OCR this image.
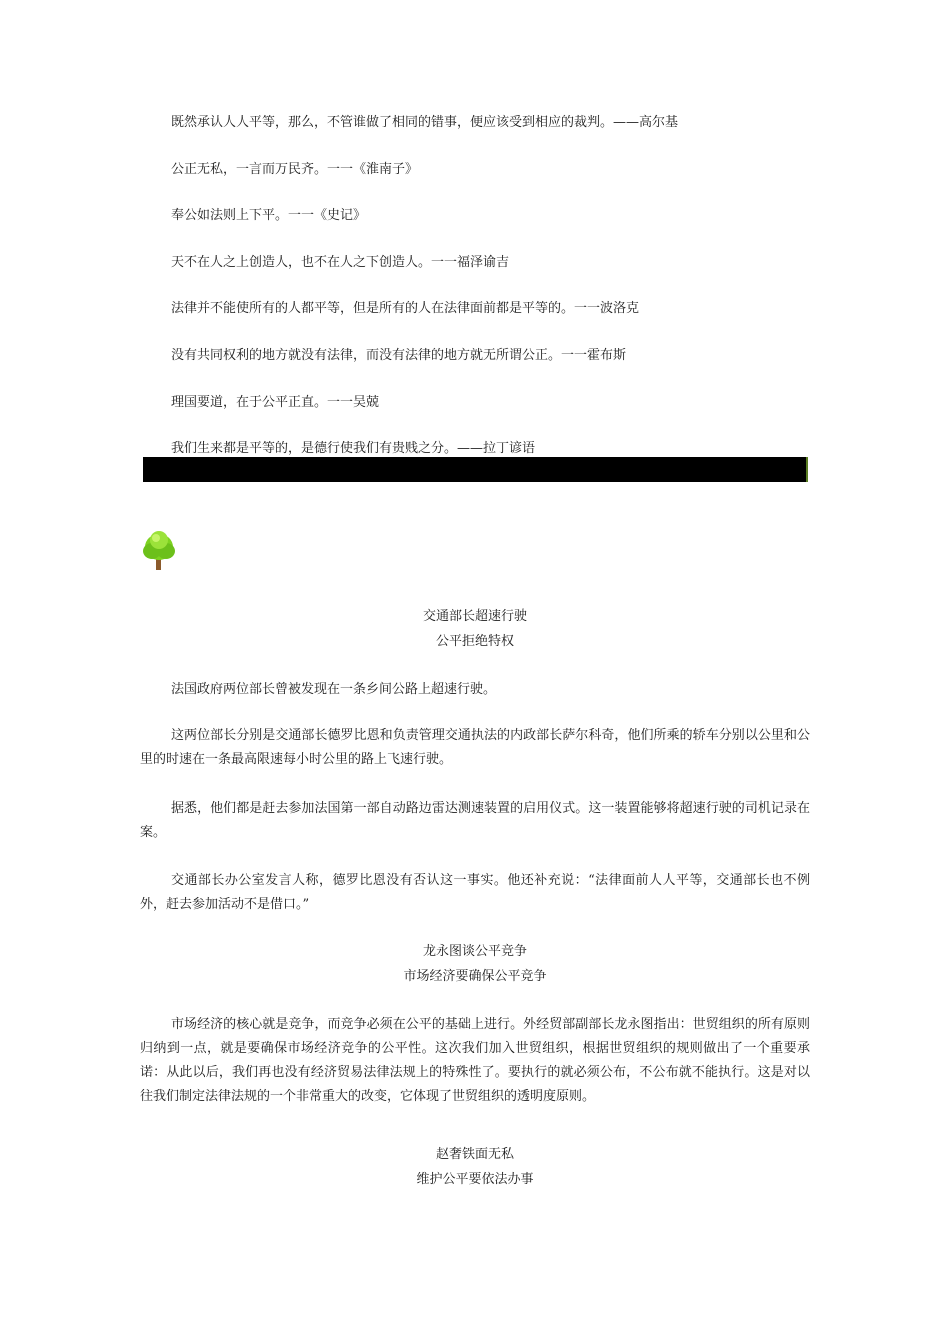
既然承认人人平等，那么，不管谁做了相同的错事，便应该受到相应的裁判。——高尔基
公正无私，一言而万民齐。一一《淮南子》
奉公如法则上下平。一一《史记》
天不在人之上创造人，也不在人之下创造人。一一福泽谕吉
法律并不能使所有的人都平等，但是所有的人在法律面前都是平等的。一一波洛克
没有共同权利的地方就没有法律，而没有法律的地方就无所谓公正。一一霍布斯
理国要道，在于公平正直。一一吴兢
我们生来都是平等的，是德行使我们有贵贱之分。——拉丁谚语
交通部长超速行驶
公平拒绝特权
法国政府两位部长曾被发现在一条乡间公路上超速行驶。
这两位部长分别是交通部长德罗比恩和负责管理交通执法的内政部长萨尔科奇，他们所乘的轿车分别以公里和公里的时速在一条最高限速每小时公里的路上飞速行驶。
据悉，他们都是赶去参加法国第一部自动路边雷达测速装置的启用仪式。这一装置能够将超速行驶的司机记录在案。
交通部长办公室发言人称，德罗比恩没有否认这一事实。他还补充说：“法律面前人人平等，交通部长也不例外，赶去参加活动不是借口。”
龙永图谈公平竞争
市场经济要确保公平竞争
市场经济的核心就是竞争，而竞争必须在公平的基础上进行。外经贸部副部长龙永图指出：世贸组织的所有原则归纳到一点，就是要确保市场经济竞争的公平性。这次我们加入世贸组织，根据世贸组织的规则做出了一个重要承诺：从此以后，我们再也没有经济贸易法律法规上的特殊性了。要执行的就必须公布，不公布就不能执行。这是对以往我们制定法律法规的一个非常重大的改变，它体现了世贸组织的透明度原则。
赵奢铁面无私
维护公平要依法办事
